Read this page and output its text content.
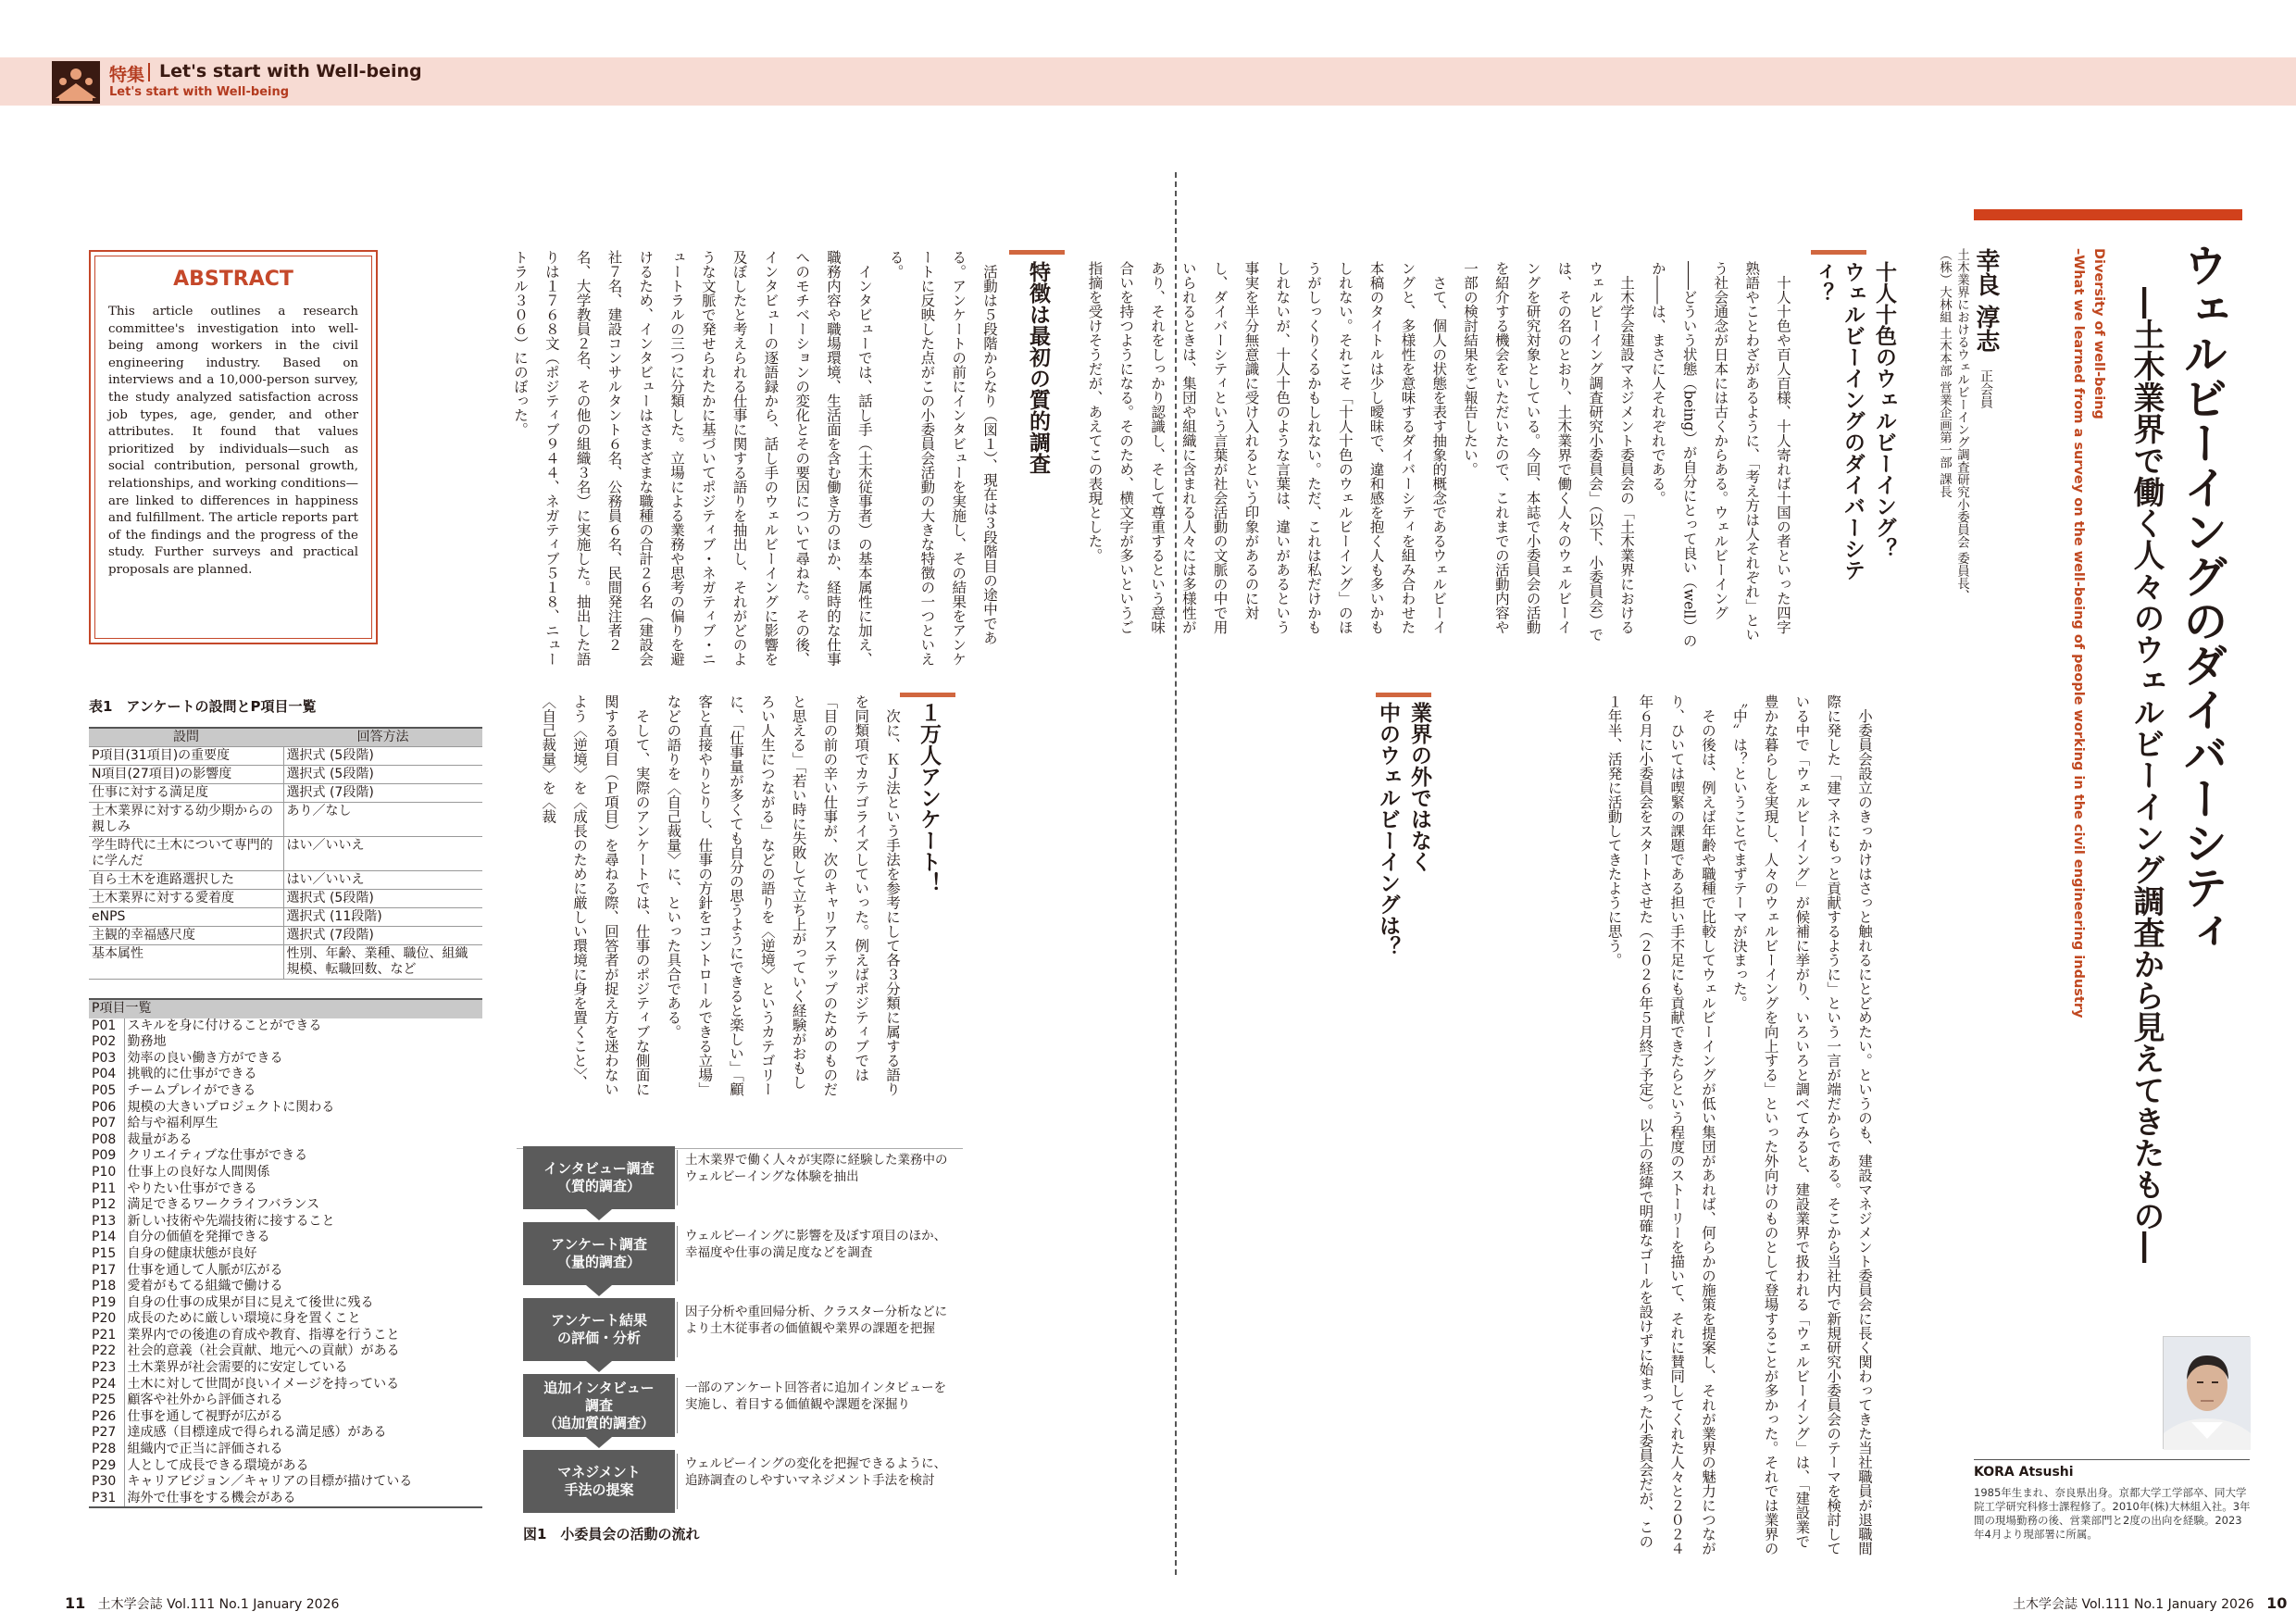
特集 Let's start with Well-being
Let's start with Well-being
ウェルビーイングのダイバーシティ
―土木業界で働く人々のウェルビーイング調査から見えてきたもの―
Diversity of well-being
–What we learned from a survey on the well-being of people working in the civil engineering industry
幸良 淳志正会員
土木業界におけるウェルビーイング調査研究小委員会 委員長、
（株）大林組 土木本部 営業企画第一部 課長
KORA Atsushi
1985年生まれ、奈良県出身。京都大学工学部卒、同大学院工学研究科修士課程修了。2010年(株)大林組入社。3年間の現場勤務の後、営業部門と2度の出向を経験。2023年4月より現部署に所属。
十人十色のウェルビーイング？
ウェルビーイングのダイバーシティ？
　十人十色や百人百様、十人寄れば十国の者といった四字熟語やことわざがあるように、「考え方は人それぞれ」という社会通念が日本には古くからある。ウェルビーイング――どういう状態（being）が自分にとって良い（well）のか――は、まさに人それぞれである。
　土木学会建設マネジメント委員会の「土木業界におけるウェルビーイング調査研究小委員会」（以下、小委員会）では、その名のとおり、土木業界で働く人々のウェルビーイングを研究対象としている。今回、本誌で小委員会の活動を紹介する機会をいただいたので、これまでの活動内容や一部の検討結果をご報告したい。
　さて、個人の状態を表す抽象的概念であるウェルビーイングと、多様性を意味するダイバーシティを組み合わせた本稿のタイトルは少し曖昧で、違和感を抱く人も多いかもしれない。それこそ「十人十色のウェルビーイング」のほうがしっくりくるかもしれない。ただ、これは私だけかもしれないが、十人十色のような言葉は、違いがあるという事実を半分無意識に受け入れるという印象があるのに対し、ダイバーシティという言葉が社会活動の文脈の中で用いられるときは、集団や組織に含まれる人々には多様性があり、それをしっかり認識し、そして尊重するという意味合いを持つようになる。そのため、横文字が多いというご指摘を受けそうだが、あえてこの表現とした。
　小委員会設立のきっかけはさっと触れるにとどめたい。というのも、建設マネジメント委員会に長く関わってきた当社職員が退職間際に発した「建マネにもっと貢献するように」という一言が端だからである。そこから当社内で新規研究小委員会のテーマを検討している中で「ウェルビーイング」が候補に挙がり、いろいろと調べてみると、建設業界で扱われる「ウェルビーイング」は、「建設業で豊かな暮らしを実現し、人々のウェルビーイングを向上する」といった外向けのものとして登場することが多かった。それでは業界の〝中〟は？ということでまずテーマが決まった。
　その後は、例えば年齢や職種で比較してウェルビーイングが低い集団があれば、何らかの施策を提案し、それが業界の魅力につながり、ひいては喫緊の課題である担い手不足にも貢献できたらという程度のストーリーを描いて、それに賛同してくれた人々と２０２４年６月に小委員会をスタートさせた（２０２６年５月終了予定）。以上の経緯で明確なゴールを設けずに始まった小委員会だが、この１年半、活発に活動してきたように思う。
業界の外ではなく
中のウェルビーイングは？
特徴は最初の質的調査
　活動は５段階からなり（図１）、現在は３段階目の途中である。アンケートの前にインタビューを実施し、その結果をアンケートに反映した点がこの小委員会活動の大きな特徴の一つといえる。
　インタビューでは、話し手（土木従事者）の基本属性に加え、職務内容や職場環境、生活面を含む働き方のほか、経時的な仕事へのモチベーションの変化とその要因について尋ねた。その後、インタビューの逐語録から、話し手のウェルビーイングに影響を及ぼしたと考えられる仕事に関する語りを抽出し、それがどのような文脈で発せられたかに基づいてポジティブ・ネガティブ・ニュートラルの三つに分類した。立場による業務や思考の偏りを避けるため、インタビューはさまざまな職種の合計２６名（建設会社７名、建設コンサルタント６名、公務員６名、民間発注者２名、大学教員２名、その他の組織３名）に実施した。抽出した語りは１７６８文（ポジティブ９４４、ネガティブ５１８、ニュートラル３０６）にのぼった。
１万人アンケート！
　次に、ＫＪ法という手法を参考にして各３分類に属する語りを同類項でカテゴライズしていった。例えばポジティブでは「目の前の辛い仕事が、次のキャリアステップのためのものだと思える」「若い時に失敗して立ち上がっていく経験がおもしろい人生につながる」などの語りを〈逆境〉というカテゴリーに、「仕事量が多くても自分の思うようにできると楽しい」「顧客と直接やりとりし、仕事の方針をコントロールできる立場」などの語りを〈自己裁量〉に、といった具合である。
　そして、実際のアンケートでは、仕事のポジティブな側面に関する項目（Ｐ項目）を尋ねる際、回答者が捉え方を迷わないよう〈逆境〉を〈成長のために厳しい環境に身を置くこと〉、〈自己裁量〉を〈裁
ABSTRACT
This article outlines a research committee's investigation into well-being among workers in the civil engineering industry. Based on interviews and a 10,000-person survey, the study analyzed satisfaction across job types, age, gender, and other attributes. It found that values prioritized by individuals—such as social contribution, personal growth, relationships, and working conditions—are linked to differences in happiness and fulfillment. The article reports part of the findings and the progress of the study. Further surveys and practical proposals are planned.
表1　アンケートの設問とP項目一覧
設問	回答方法
P項目(31項目)の重要度	選択式 (5段階)
N項目(27項目)の影響度	選択式 (5段階)
仕事に対する満足度	選択式 (7段階)
土木業界に対する幼少期からの親しみ	あり／なし
学生時代に土木について専門的に学んだ	はい／いいえ
自ら土木を進路選択した	はい／いいえ
土木業界に対する愛着度	選択式 (5段階)
eNPS	選択式 (11段階)
主観的幸福感尺度	選択式 (7段階)
基本属性	性別、年齢、業種、職位、組織規模、転職回数、など
P項目一覧	
P01	スキルを身に付けることができる
P02	勤務地
P03	効率の良い働き方ができる
P04	挑戦的に仕事ができる
P05	チームプレイができる
P06	規模の大きいプロジェクトに関わる
P07	給与や福利厚生
P08	裁量がある
P09	クリエイティブな仕事ができる
P10	仕事上の良好な人間関係
P11	やりたい仕事ができる
P12	満足できるワークライフバランス
P13	新しい技術や先端技術に接すること
P14	自分の価値を発揮できる
P15	自身の健康状態が良好
P17	仕事を通して人脈が広がる
P18	愛着がもてる組織で働ける
P19	自身の仕事の成果が目に見えて後世に残る
P20	成長のために厳しい環境に身を置くこと
P21	業界内での後進の育成や教育、指導を行うこと
P22	社会的意義（社会貢献、地元への貢献）がある
P23	土木業界が社会需要的に安定している
P24	土木に対して世間が良いイメージを持っている
P25	顧客や社外から評価される
P26	仕事を通して視野が広がる
P27	達成感（目標達成で得られる満足感）がある
P28	組織内で正当に評価される
P29	人として成長できる環境がある
P30	キャリアビジョン／キャリアの目標が描けている
P31	海外で仕事をする機会がある
インタビュー調査
（質的調査）
土木業界で働く人々が実際に経験した業務中のウェルビーイングな体験を抽出
アンケート調査
（量的調査）
ウェルビーイングに影響を及ぼす項目のほか、幸福度や仕事の満足度などを調査
アンケート結果
の評価・分析
因子分析や重回帰分析、クラスター分析などにより土木従事者の価値観や業界の課題を把握
追加インタビュー
調査
（追加質的調査）
一部のアンケート回答者に追加インタビューを実施し、着目する価値観や課題を深掘り
マネジメント
手法の提案
ウェルビーイングの変化を把握できるように、追跡調査のしやすいマネジメント手法を検討
図1　小委員会の活動の流れ
11 土木学会誌 Vol.111 No.1 January 2026	土木学会誌 Vol.111 No.1 January 2026 10
